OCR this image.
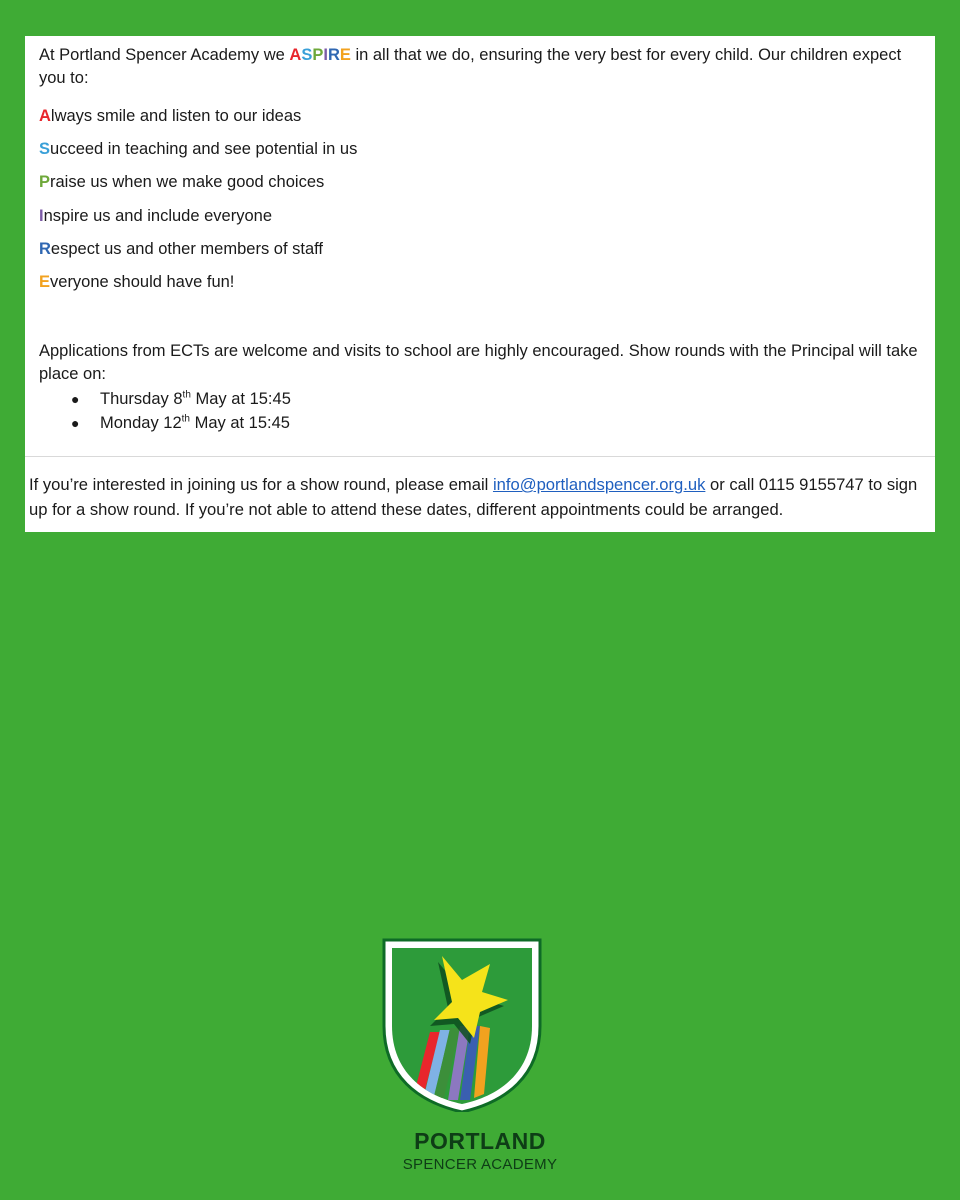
At Portland Spencer Academy we ASPIRE in all that we do, ensuring the very best for every child. Our children expect you to:

Always smile and listen to our ideas
Succeed in teaching and see potential in us
Praise us when we make good choices
Inspire us and include everyone
Respect us and other members of staff
Everyone should have fun!

Applications from ECTs are welcome and visits to school are highly encouraged. Show rounds with the Principal will take place on:

● Thursday 8th May at 15:45
● Monday 12th May at 15:45

If you’re interested in joining us for a show round, please email info@portlandspencer.org.uk or call 0115 9155747 to sign up for a show round. If you’re not able to attend these dates, different appointments could be arranged.

PORTLAND
SPENCER ACADEMY
